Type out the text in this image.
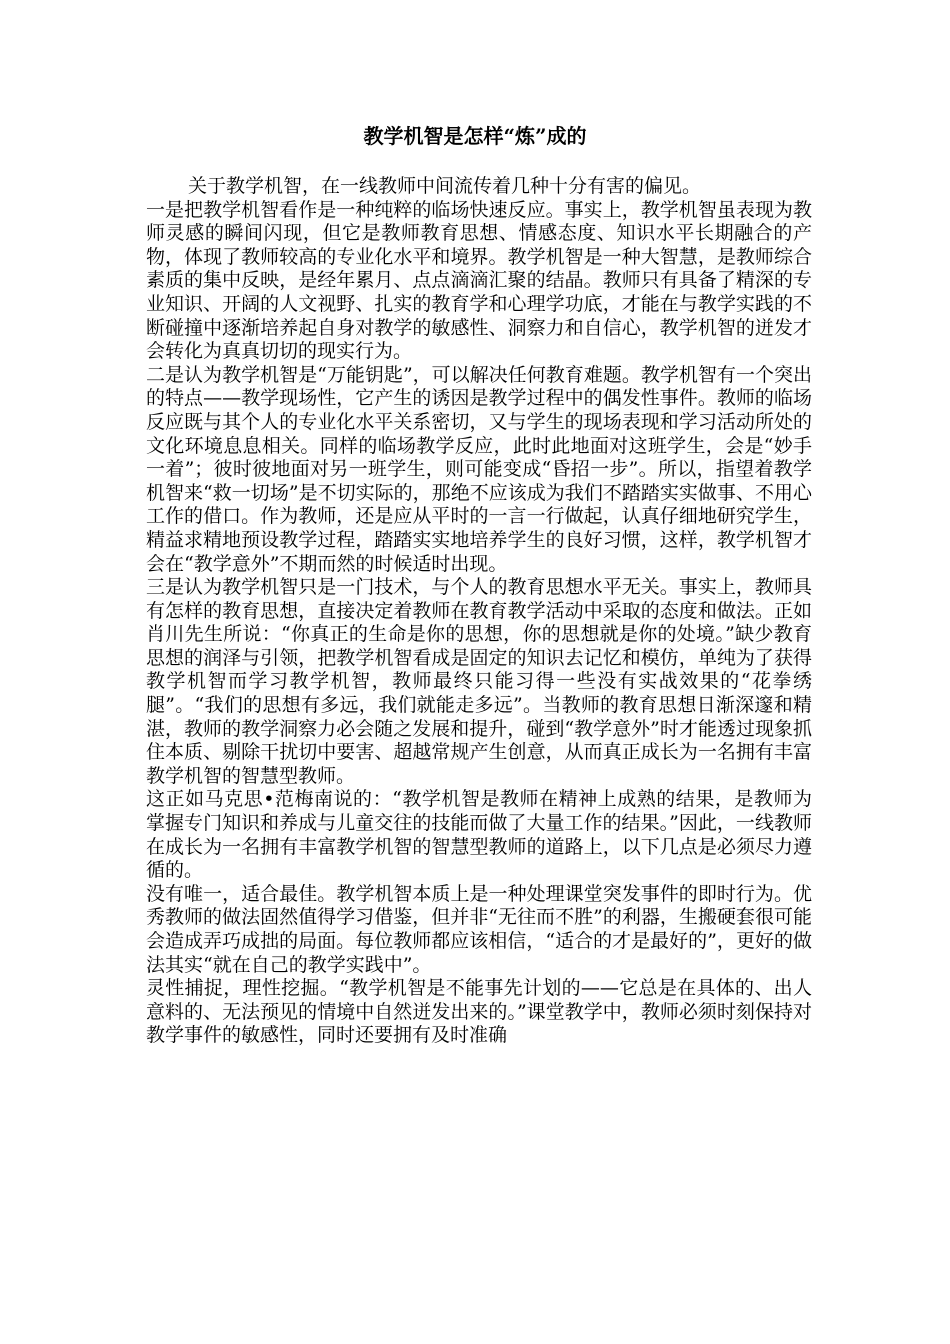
教学机智是怎样“炼”成的

关于教学机智，在一线教师中间流传着几种十分有害的偏见。

一是把教学机智看作是一种纯粹的临场快速反应。事实上，教学机智虽表现为教师灵感的瞬间闪现，但它是教师教育思想、情感态度、知识水平长期融合的产物，体现了教师较高的专业化水平和境界。教学机智是一种大智慧，是教师综合素质的集中反映，是经年累月、点点滴滴汇聚的结晶。教师只有具备了精深的专业知识、开阔的人文视野、扎实的教育学和心理学功底，才能在与教学实践的不断碰撞中逐渐培养起自身对教学的敏感性、洞察力和自信心，教学机智的迸发才会转化为真真切切的现实行为。

二是认为教学机智是“万能钥匙”，可以解决任何教育难题。教学机智有一个突出的特点——教学现场性，它产生的诱因是教学过程中的偶发性事件。教师的临场反应既与其个人的专业化水平关系密切，又与学生的现场表现和学习活动所处的文化环境息息相关。同样的临场教学反应，此时此地面对这班学生，会是“妙手一着”；彼时彼地面对另一班学生，则可能变成“昏招一步”。所以，指望着教学机智来“救一切场”是不切实际的，那绝不应该成为我们不踏踏实实做事、不用心工作的借口。作为教师，还是应从平时的一言一行做起，认真仔细地研究学生，精益求精地预设教学过程，踏踏实实地培养学生的良好习惯，这样，教学机智才会在“教学意外”不期而然的时候适时出现。

三是认为教学机智只是一门技术，与个人的教育思想水平无关。事实上，教师具有怎样的教育思想，直接决定着教师在教育教学活动中采取的态度和做法。正如肖川先生所说：“你真正的生命是你的思想，你的思想就是你的处境。”缺少教育思想的润泽与引领，把教学机智看成是固定的知识去记忆和模仿，单纯为了获得教学机智而学习教学机智，教师最终只能习得一些没有实战效果的“花拳绣腿”。“我们的思想有多远，我们就能走多远”。当教师的教育思想日渐深邃和精湛，教师的教学洞察力必会随之发展和提升，碰到“教学意外”时才能透过现象抓住本质、剔除干扰切中要害、超越常规产生创意，从而真正成长为一名拥有丰富教学机智的智慧型教师。

这正如马克思•范梅南说的：“教学机智是教师在精神上成熟的结果，是教师为掌握专门知识和养成与儿童交往的技能而做了大量工作的结果。”因此，一线教师在成长为一名拥有丰富教学机智的智慧型教师的道路上，以下几点是必须尽力遵循的。

没有唯一，适合最佳。教学机智本质上是一种处理课堂突发事件的即时行为。优秀教师的做法固然值得学习借鉴，但并非“无往而不胜”的利器，生搬硬套很可能会造成弄巧成拙的局面。每位教师都应该相信，“适合的才是最好的”，更好的做法其实“就在自己的教学实践中”。

灵性捕捉，理性挖掘。“教学机智是不能事先计划的——它总是在具体的、出人意料的、无法预见的情境中自然迸发出来的。”课堂教学中，教师必须时刻保持对教学事件的敏感性，同时还要拥有及时准确
